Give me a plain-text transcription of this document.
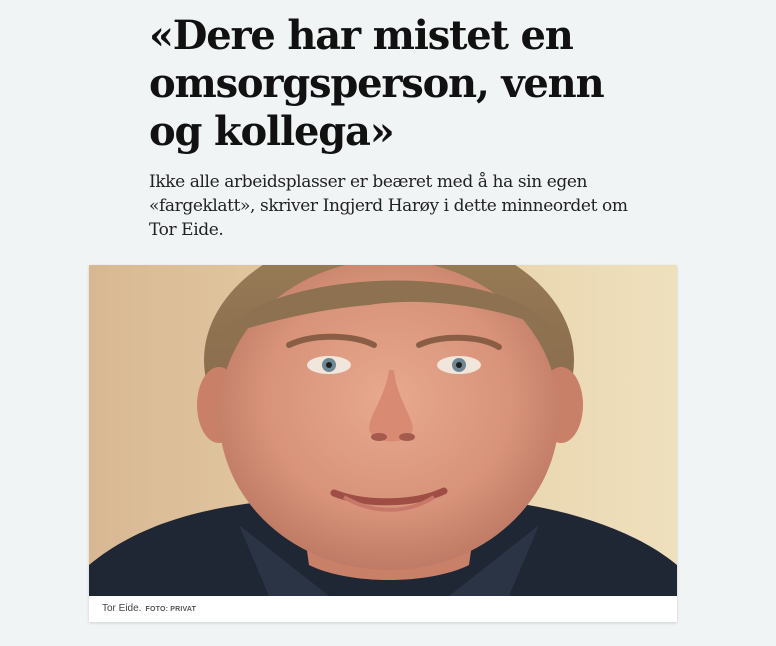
«Dere har mistet en omsorgsperson, venn og kollega»

Ikke alle arbeidsplasser er beæret med å ha sin egen «fargeklatt», skriver Ingjerd Harøy i dette minneordet om Tor Eide.

Tor Eide. FOTO: PRIVAT
